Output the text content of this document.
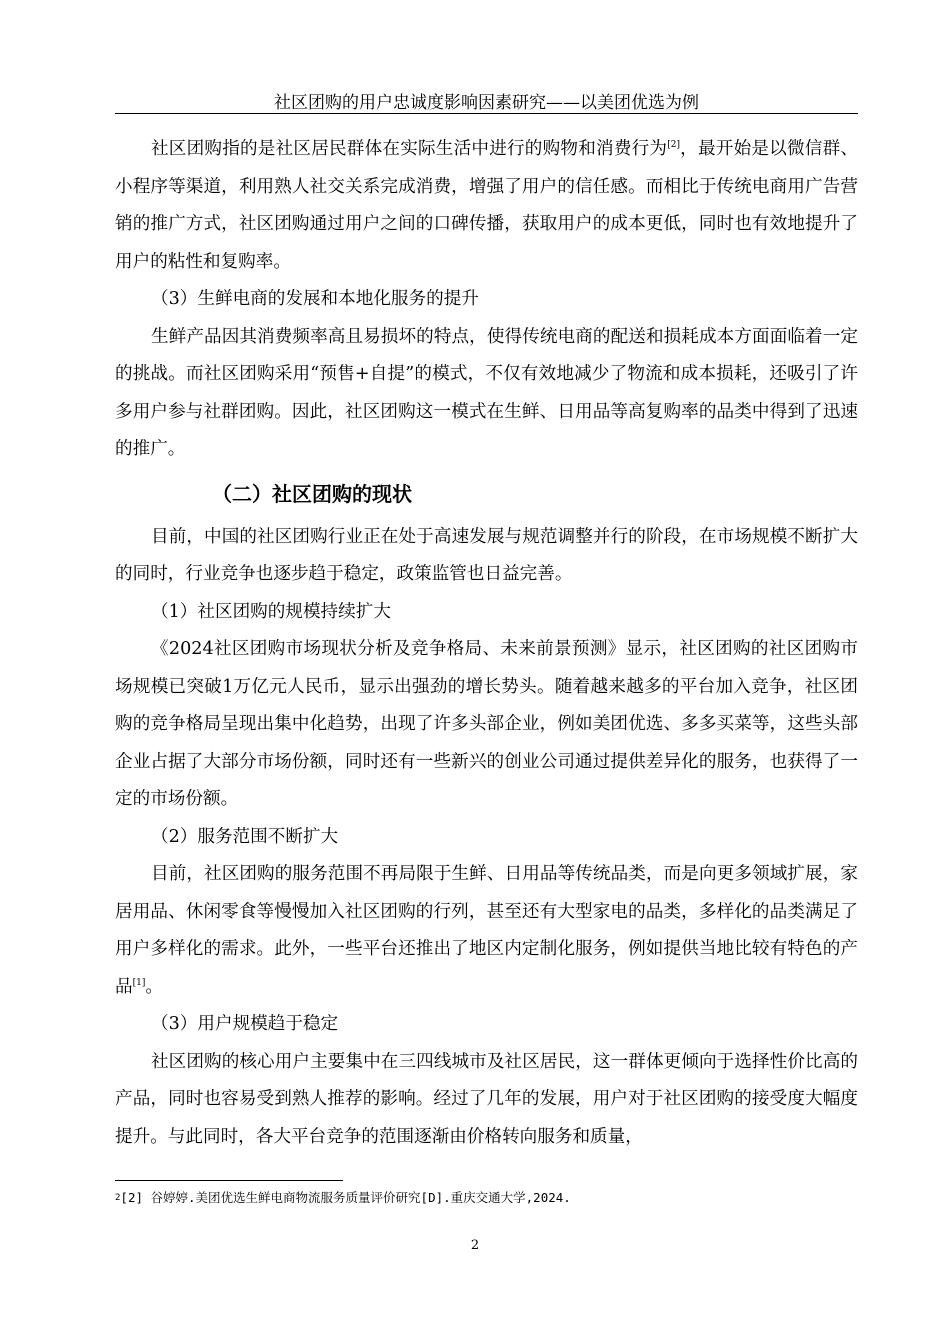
社区团购的用户忠诚度影响因素研究——以美团优选为例

社区团购指的是社区居民群体在实际生活中进行的购物和消费行为[2]，最开始是以微信群、小程序等渠道，利用熟人社交关系完成消费，增强了用户的信任感。而相比于传统电商用广告营销的推广方式，社区团购通过用户之间的口碑传播，获取用户的成本更低，同时也有效地提升了用户的粘性和复购率。

（3）生鲜电商的发展和本地化服务的提升

生鲜产品因其消费频率高且易损坏的特点，使得传统电商的配送和损耗成本方面面临着一定的挑战。而社区团购采用“预售+自提”的模式，不仅有效地减少了物流和成本损耗，还吸引了许多用户参与社群团购。因此，社区团购这一模式在生鲜、日用品等高复购率的品类中得到了迅速的推广。

（二）社区团购的现状

目前，中国的社区团购行业正在处于高速发展与规范调整并行的阶段，在市场规模不断扩大的同时，行业竞争也逐步趋于稳定，政策监管也日益完善。

（1）社区团购的规模持续扩大

《2024社区团购市场现状分析及竞争格局、未来前景预测》显示，社区团购的社区团购市场规模已突破1万亿元人民币，显示出强劲的增长势头。随着越来越多的平台加入竞争，社区团购的竞争格局呈现出集中化趋势，出现了许多头部企业，例如美团优选、多多买菜等，这些头部企业占据了大部分市场份额，同时还有一些新兴的创业公司通过提供差异化的服务，也获得了一定的市场份额。

（2）服务范围不断扩大

目前，社区团购的服务范围不再局限于生鲜、日用品等传统品类，而是向更多领域扩展，家居用品、休闲零食等慢慢加入社区团购的行列，甚至还有大型家电的品类，多样化的品类满足了用户多样化的需求。此外，一些平台还推出了地区内定制化服务，例如提供当地比较有特色的产品[1]。

（3）用户规模趋于稳定

社区团购的核心用户主要集中在三四线城市及社区居民，这一群体更倾向于选择性价比高的产品，同时也容易受到熟人推荐的影响。经过了几年的发展，用户对于社区团购的接受度大幅度提升。与此同时，各大平台竞争的范围逐渐由价格转向服务和质量，

$^2$[2] 谷婷婷.美团优选生鲜电商物流服务质量评价研究[D].重庆交通大学,2024.
2
